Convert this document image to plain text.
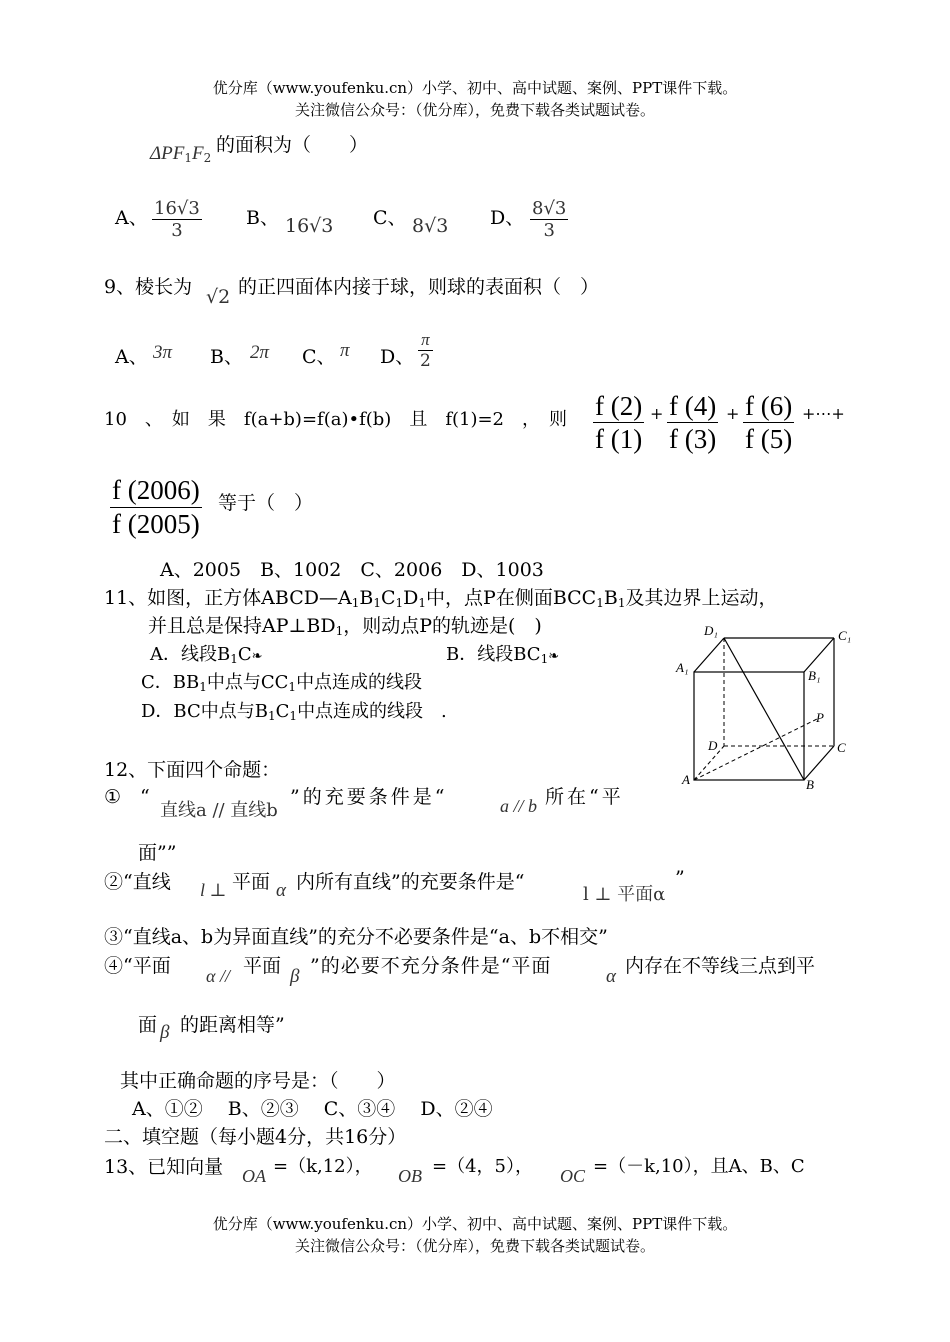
优分库（www.youfenku.cn）小学、初中、高中试题、案例、PPT课件下载。
关注微信公众号：（优分库），免费下载各类试题试卷。
$\Delta PF_1F_2$
的面积为（　　）
A、 $\frac{16√3}{3}$ B、 16√3 C、 8√3 D、 $\frac{8√3}{3}$
9、棱长为 √2 的正四面体内接于球，则球的表面积（　）
A、 3π B、 2π C、 π D、 $\frac{\pi}{2}$
10　、　如　果　f(a+b)=f(a)•f(b)　且　f(1)=2　，　则 $\frac{f (2)}{f (1)} + \frac{f (4)}{f (3)} + \frac{f (6)}{f (5)}$ +⋯+
$\frac{f (2006)}{f (2005)}$ 等于（　）
A、2005　B、1002　C、2006　D、1003
11、如图，正方体$ABCD—A_1B_1C_1D_1$中，点P在侧面$BCC_1B_1$及其边界上运动，
并且总是保持$AP\perp BD_1$，则动点P的轨迹是(　)
A．线段$B_1C❧$	B．线段$BC_1❧$
C．$BB_1$中点与$CC_1$中点连成的线段
D．BC中点与$B_1C_1$中点连成的线段　.
D₁	C₁
A₁
B₁
P
D	C
A	B
12、下面四个命题：
①　“
直线a // 直线b
”的充要条件是“	a // b 所在“平
面””
②“直线 l ⊥ 平面 α 内所有直线”的充要条件是“
l ⊥ 平面α
”
③“直线a、b为异面直线”的充分不必要条件是“a、b不相交”
④“平面 α // 平面 β ”的必要不充分条件是“平面	α 内存在不等线三点到平
面 β 的距离相等”
其中正确命题的序号是：（　　）
A、①②　 B、②③　 C、③④　 D、②④
二、填空题（每小题4分，共16分）
13、已知向量 OA =（k,12）， OB =（4，5）， OC =（－k,10），且A、B、C
优分库（www.youfenku.cn）小学、初中、高中试题、案例、PPT课件下载。
关注微信公众号：（优分库），免费下载各类试题试卷。
